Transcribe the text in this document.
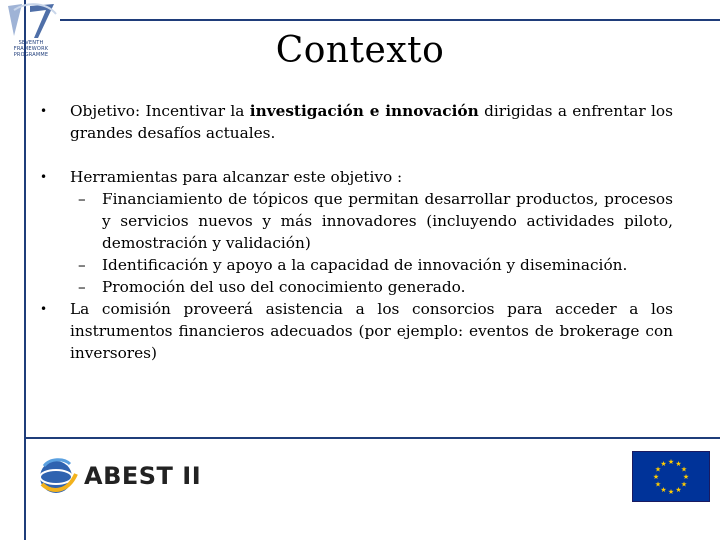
SEVENTH FRAMEWORK PROGRAMME	Contexto
• Objetivo: Incentivar la investigación e innovación dirigidas a enfrentar los grandes desafíos actuales.
• Herramientas para alcanzar este objetivo :
– Financiamiento de tópicos que permitan desarrollar productos, procesos y servicios nuevos y más innovadores (incluyendo actividades piloto, demostración y validación)
– Identificación y apoyo a la capacidad de innovación y diseminación.
– Promoción del uso del conocimiento generado.
• La comisión proveerá asistencia a los consorcios para acceder a los instrumentos financieros adecuados (por ejemplo: eventos de brokerage con inversores)
ABEST II	★ ★
★
★
★
★
★
★
★
★
★
★
